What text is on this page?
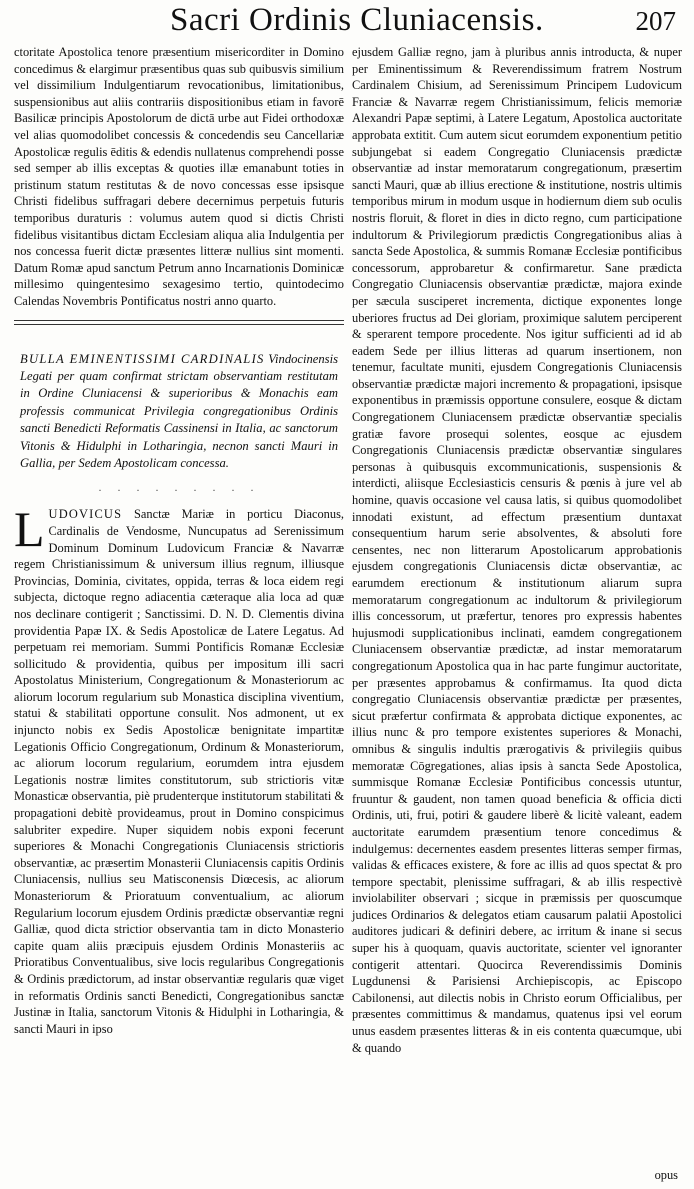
Sacri Ordinis Cluniacensis.	207

ctoritate Apostolica tenore præsentium misericorditer in Domino concedimus & elargimur præsentibus quas sub quibusvis similium vel dissimilium Indulgentiarum revocationibus, limitationibus, suspensionibus aut aliis contrariis dispositionibus etiam in favorē Basilicæ principis Apostolorum de dictā urbe aut Fidei orthodoxæ vel alias quomodolibet concessis & concedendis seu Cancellariæ Apostolicæ regulis ēditis & edendis nullatenus comprehendi posse sed semper ab illis exceptas & quoties illæ emanabunt toties in pristinum statum restitutas & de novo concessas esse ipsisque Christi fidelibus suffragari debere decernimus perpetuis futuris temporibus duraturis : volumus autem quod si dictis Christi fidelibus visitantibus dictam Ecclesiam aliqua alia Indulgentia per nos concessa fuerit dictæ præsentes litteræ nullius sint momenti. Datum Romæ apud sanctum Petrum anno Incarnationis Dominicæ millesimo quingentesimo sexagesimo tertio, quintodecimo Calendas Novembris Pontificatus nostri anno quarto.

BULLA EMINENTISSIMI CARDINALIS Vindocinensis Legati per quam confirmat strictam observantiam restitutam in Ordine Cluniacensi & superioribus & Monachis eam professis communicat Privilegia congregationibus Ordinis sancti Benedicti Reformatis Cassinensi in Italia, ac sanctorum Vitonis & Hidulphi in Lotharingia, necnon sancti Mauri in Gallia, per Sedem Apostolicam concessa.
· · · · · · · · ·

L UDOVICUS Sanctæ Mariæ in porticu Diaconus, Cardinalis de Vendosme, Nuncupatus ad Serenissimum Dominum Dominum Ludovicum Franciæ & Navarræ regem Christianissimum & universum illius regnum, illiusque Provincias, Dominia, civitates, oppida, terras & loca eidem regi subjecta, dictoque regno adiacentia cæteraque alia loca ad quæ nos declinare contigerit ; Sanctissimi. D. N. D. Clementis divina providentia Papæ IX. & Sedis Apostolicæ de Latere Legatus. Ad perpetuam rei memoriam. Summi Pontificis Romanæ Ecclesiæ sollicitudo & providentia, quibus per impositum illi sacri Apostolatus Ministerium, Congregationum & Monasteriorum ac aliorum locorum regularium sub Monastica disciplina viventium, statui & stabilitati opportune consulit. Nos admonent, ut ex injuncto nobis ex Sedis Apostolicæ benignitate impartitæ Legationis Officio Congregationum, Ordinum & Monasteriorum, ac aliorum locorum regularium, eorumdem intra ejusdem Legationis nostræ limites constitutorum, sub strictioris vitæ Monasticæ observantia, piè prudenterque institutorum stabilitati & propagationi debitè provideamus, prout in Domino conspicimus salubriter expedire. Nuper siquidem nobis exponi fecerunt superiores & Monachi Congregationis Cluniacensis strictioris observantiæ, ac præsertim Monasterii Cluniacensis capitis Ordinis Cluniacensis, nullius seu Matisconensis Diœcesis, ac aliorum Monasteriorum & Prioratuum conventualium, ac aliorum Regularium locorum ejusdem Ordinis prædictæ observantiæ regni Galliæ, quod dicta strictior observantia tam in dicto Monasterio capite quam aliis præcipuis ejusdem Ordinis Monasteriis ac Prioratibus Conventualibus, sive locis regularibus Congregationis & Ordinis prædictorum, ad instar observantiæ regularis quæ viget in reformatis Ordinis sancti Benedicti, Congregationibus sanctæ Justinæ in Italia, sanctorum Vitonis & Hidulphi in Lotharingia, & sancti Mauri in ipso

ejusdem Galliæ regno, jam à pluribus annis introducta, & nuper per Eminentissimum & Reverendissimum fratrem Nostrum Cardinalem Chisium, ad Serenissimum Principem Ludovicum Franciæ & Navarræ regem Christianissimum, felicis memoriæ Alexandri Papæ septimi, à Latere Legatum, Apostolica auctoritate approbata extitit. Cum autem sicut eorumdem exponentium petitio subjungebat si eadem Congregatio Cluniacensis prædictæ observantiæ ad instar memoratarum congregationum, præsertim sancti Mauri, quæ ab illius erectione & institutione, nostris ultimis temporibus mirum in modum usque in hodiernum diem sub oculis nostris floruit, & floret in dies in dicto regno, cum participatione indultorum & Privilegiorum prædictis Congregationibus alias à sancta Sede Apostolica, & summis Romanæ Ecclesiæ pontificibus concessorum, approbaretur & confirmaretur. Sane prædicta Congregatio Cluniacensis observantiæ prædictæ, majora exinde per sæcula susciperet incrementa, dictique exponentes longe uberiores fructus ad Dei gloriam, proximique salutem perciperent & sperarent tempore procedente. Nos igitur sufficienti ad id ab eadem Sede per illius litteras ad quarum insertionem, non tenemur, facultate muniti, ejusdem Congregationis Cluniacensis observantiæ prædictæ majori incremento & propagationi, ipsisque exponentibus in præmissis opportune consulere, eosque & dictam Congregationem Cluniacensem prædictæ observantiæ specialis gratiæ favore prosequi solentes, eosque ac ejusdem Congregationis Cluniacensis prædictæ observantiæ singulares personas à quibusquis excommunicationis, suspensionis & interdicti, aliisque Ecclesiasticis censuris & pœnis à jure vel ab homine, quavis occasione vel causa latis, si quibus quomodolibet innodati existunt, ad effectum præsentium duntaxat consequentium harum serie absolventes, & absoluti fore censentes, nec non litterarum Apostolicarum approbationis ejusdem congregationis Cluniacensis dictæ observantiæ, ac earumdem erectionum & institutionum aliarum supra memoratarum congregationum ac indultorum & privilegiorum illis concessorum, ut præfertur, tenores pro expressis habentes hujusmodi supplicationibus inclinati, eamdem congregationem Cluniacensem observantiæ prædictæ, ad instar memoratarum congregationum Apostolica qua in hac parte fungimur auctoritate, per præsentes approbamus & confirmamus. Ita quod dicta congregatio Cluniacensis observantiæ prædictæ per præsentes, sicut præfertur confirmata & approbata dictique exponentes, ac illius nunc & pro tempore existentes superiores & Monachi, omnibus & singulis indultis prærogativis & privilegiis quibus memoratæ Cōgregationes, alias ipsis à sancta Sede Apostolica, summisque Romanæ Ecclesiæ Pontificibus concessis utuntur, fruuntur & gaudent, non tamen quoad beneficia & officia dicti Ordinis, uti, frui, potiri & gaudere liberè & licitè valeant, eadem auctoritate earumdem præsentium tenore concedimus & indulgemus: decernentes easdem presentes litteras semper firmas, validas & efficaces existere, & fore ac illis ad quos spectat & pro tempore spectabit, plenissime suffragari, & ab illis respectivè inviolabiliter observari ; sicque in præmissis per quoscumque judices Ordinarios & delegatos etiam causarum palatii Apostolici auditores judicari & definiri debere, ac irritum & inane si secus super his à quoquam, quavis auctoritate, scienter vel ignoranter contigerit attentari. Quocirca Reverendissimis Dominis Lugdunensi & Parisiensi Archiepiscopis, ac Episcopo Cabilonensi, aut dilectis nobis in Christo eorum Officialibus, per præsentes committimus & mandamus, quatenus ipsi vel eorum unus easdem præsentes litteras & in eis contenta quæcumque, ubi & quando

opus
